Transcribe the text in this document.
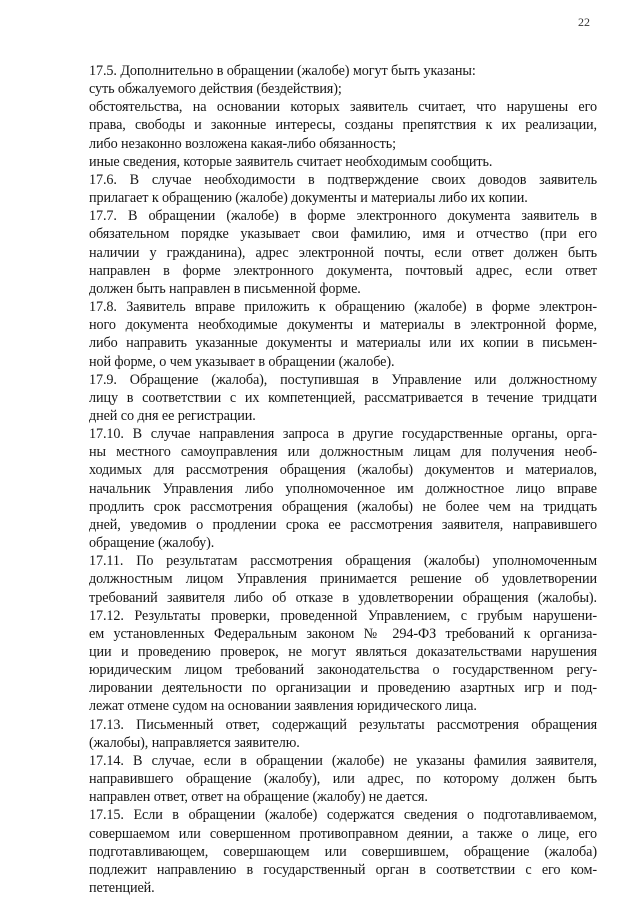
22
17.5. Дополнительно в обращении (жалобе) могут быть указаны:
суть обжалуемого действия (бездействия);
обстоятельства, на основании которых заявитель считает, что нарушены его
права, свободы и законные интересы, созданы препятствия к их реализации,
либо незаконно возложена какая-либо обязанность;
иные сведения, которые заявитель считает необходимым сообщить.
17.6. В случае необходимости в подтверждение своих доводов заявитель
прилагает к обращению (жалобе) документы и материалы либо их копии.
17.7. В обращении (жалобе) в форме электронного документа заявитель в
обязательном порядке указывает свои фамилию, имя и отчество (при его
наличии у гражданина), адрес электронной почты, если ответ должен быть
направлен в форме электронного документа, почтовый адрес, если ответ
должен быть направлен в письменной форме.
17.8. Заявитель вправе приложить к обращению (жалобе) в форме электрон-
ного документа необходимые документы и материалы в электронной форме,
либо направить указанные документы и материалы или их копии в письмен-
ной форме, о чем указывает в обращении (жалобе).
17.9. Обращение (жалоба), поступившая в Управление или должностному
лицу в соответствии с их компетенцией, рассматривается в течение тридцати
дней со дня ее регистрации.
17.10. В случае направления запроса в другие государственные органы, орга-
ны местного самоуправления или должностным лицам для получения необ-
ходимых для рассмотрения обращения (жалобы) документов и материалов,
начальник Управления либо уполномоченное им должностное лицо вправе
продлить срок рассмотрения обращения (жалобы) не более чем на тридцать
дней, уведомив о продлении срока ее рассмотрения заявителя, направившего
обращение (жалобу).
17.11. По результатам рассмотрения обращения (жалобы) уполномоченным
должностным лицом Управления принимается решение об удовлетворении
требований заявителя либо об отказе в удовлетворении обращения (жалобы).
17.12. Результаты проверки, проведенной Управлением, с грубым нарушени-
ем установленных Федеральным законом № 294-ФЗ требований к организа-
ции и проведению проверок, не могут являться доказательствами нарушения
юридическим лицом требований законодательства о государственном регу-
лировании деятельности по организации и проведению азартных игр и под-
лежат отмене судом на основании заявления юридического лица.
17.13. Письменный ответ, содержащий результаты рассмотрения обращения
(жалобы), направляется заявителю.
17.14. В случае, если в обращении (жалобе) не указаны фамилия заявителя,
направившего обращение (жалобу), или адрес, по которому должен быть
направлен ответ, ответ на обращение (жалобу) не дается.
17.15. Если в обращении (жалобе) содержатся сведения о подготавливаемом,
совершаемом или совершенном противоправном деянии, а также о лице, его
подготавливающем, совершающем или совершившем, обращение (жалоба)
подлежит направлению в государственный орган в соответствии с его ком-
петенцией.
